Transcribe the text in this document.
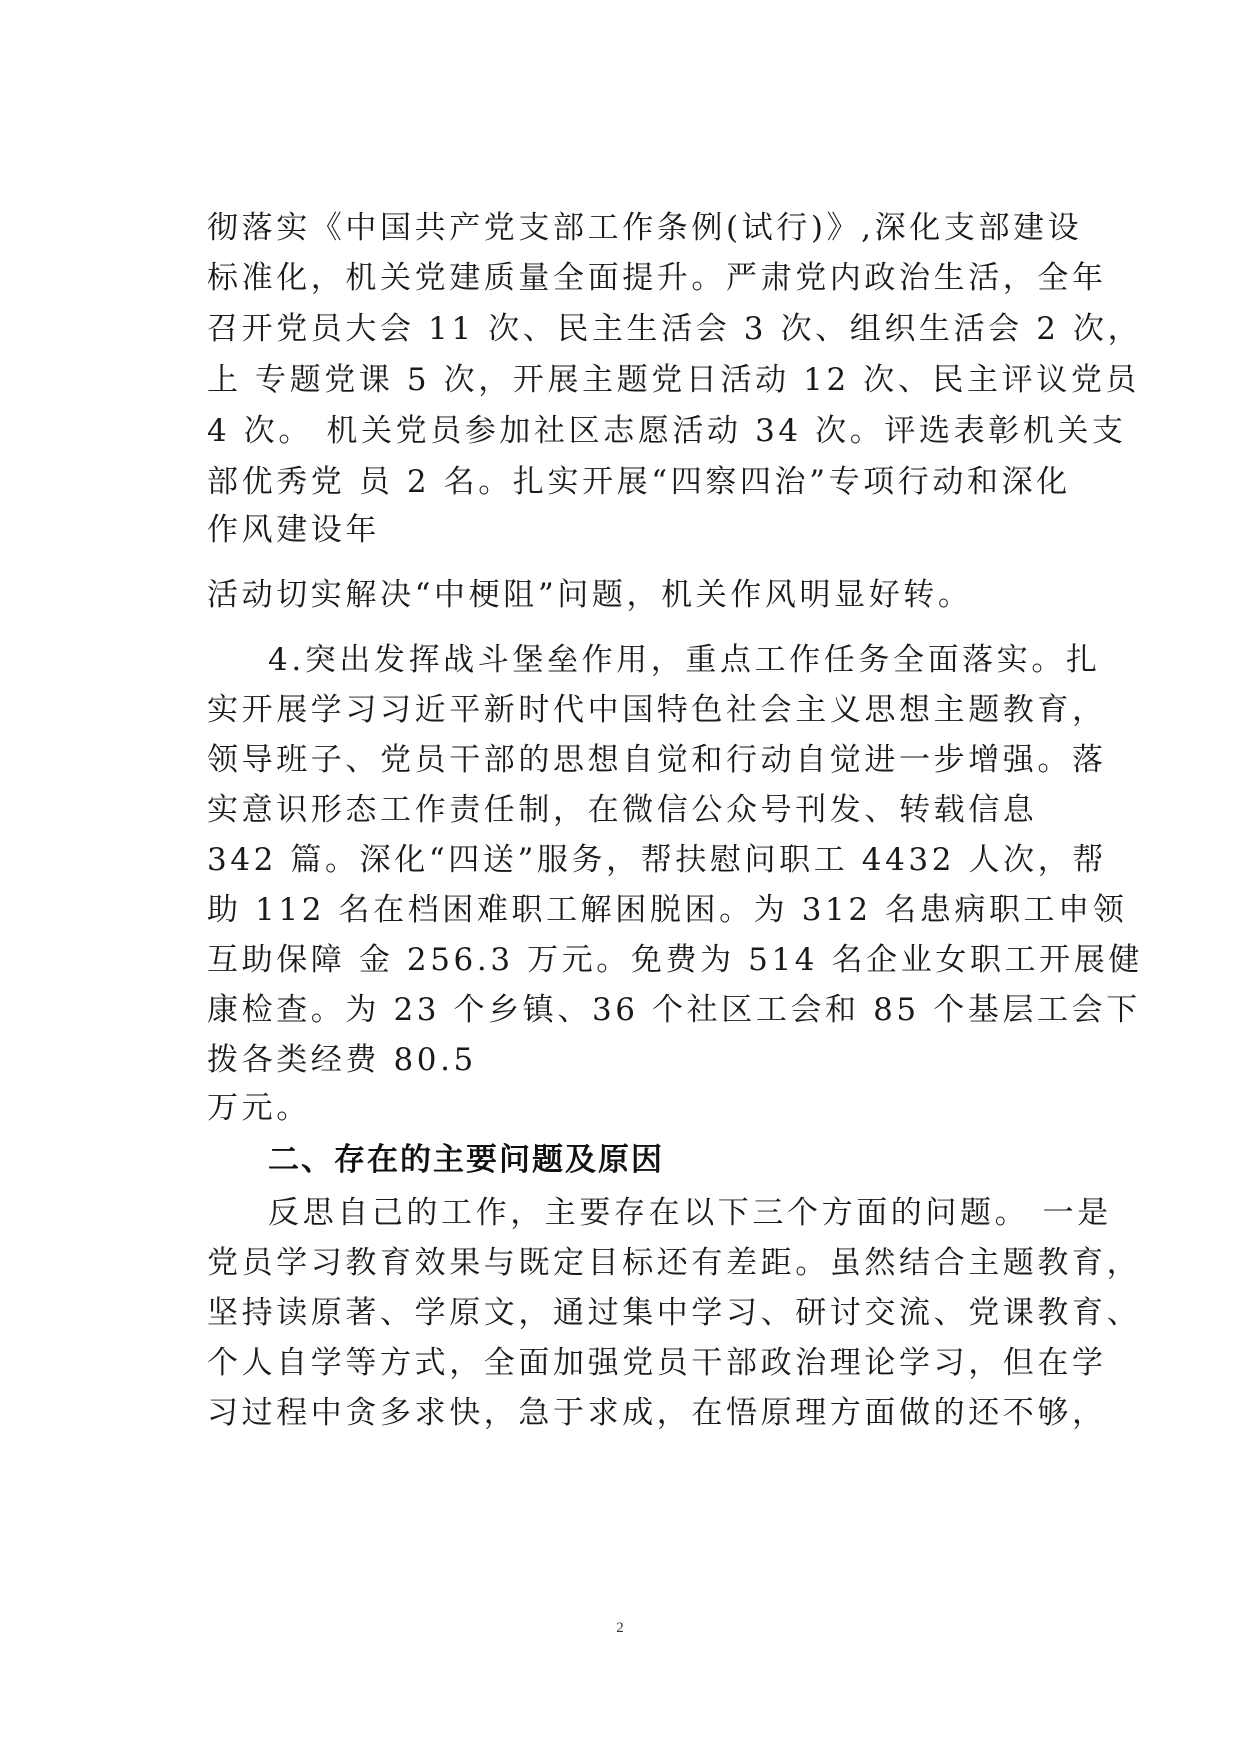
彻落实《中国共产党支部工作条例(试行)》,深化支部建设
标准化，机关党建质量全面提升。严肃党内政治生活，全年
召开党员大会 11 次、民主生活会 3 次、组织生活会 2 次，
上 专题党课 5 次，开展主题党日活动 12 次、民主评议党员
4 次。 机关党员参加社区志愿活动 34 次。评选表彰机关支
部优秀党 员 2 名。扎实开展“四察四治”专项行动和深化
作风建设年
活动切实解决“中梗阻”问题，机关作风明显好转。
4.突出发挥战斗堡垒作用，重点工作任务全面落实。扎
实开展学习习近平新时代中国特色社会主义思想主题教育，
领导班子、党员干部的思想自觉和行动自觉进一步增强。落
实意识形态工作责任制，在微信公众号刊发、转载信息
342 篇。深化“四送”服务，帮扶慰问职工 4432 人次，帮
助 112 名在档困难职工解困脱困。为 312 名患病职工申领
互助保障 金 256.3 万元。免费为 514 名企业女职工开展健
康检查。为 23 个乡镇、36 个社区工会和 85 个基层工会下
拨各类经费 80.5
万元。
二、存在的主要问题及原因
反思自己的工作，主要存在以下三个方面的问题。 一是
党员学习教育效果与既定目标还有差距。虽然结合主题教育，
坚持读原著、学原文，通过集中学习、研讨交流、党课教育、
个人自学等方式，全面加强党员干部政治理论学习，但在学
习过程中贪多求快，急于求成，在悟原理方面做的还不够，
2
